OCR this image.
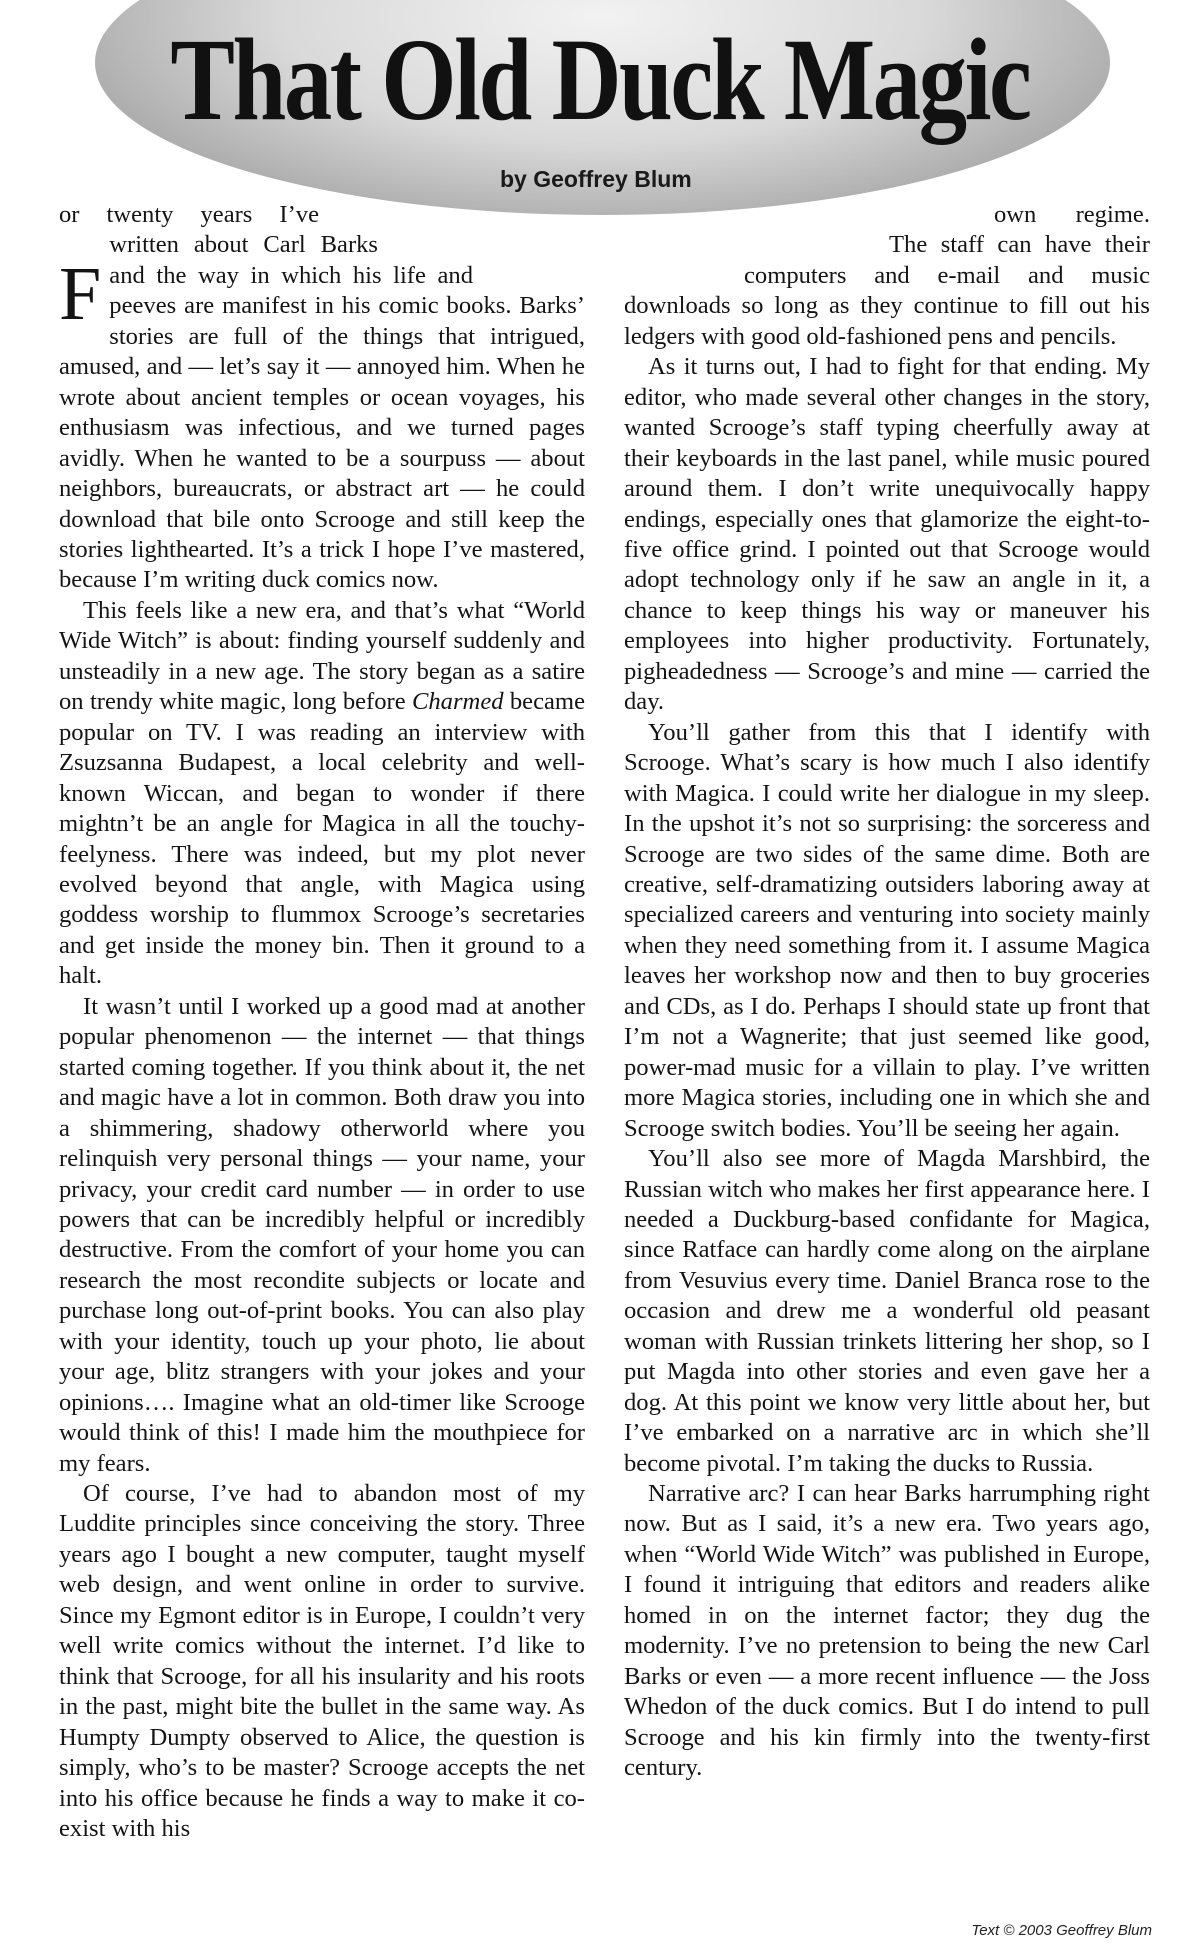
That Old Duck Magic

by Geoffrey Blum

F
or twenty years I’ve written about Carl Barks and the way in which his life and peeves are manifest in his comic books. Barks’ stories are full of the things that intrigued, amused, and — let’s say it — annoyed him. When he wrote about ancient temples or ocean voyages, his enthusiasm was infectious, and we turned pages avidly. When he wanted to be a sourpuss — about neighbors, bureaucrats, or abstract art — he could download that bile onto Scrooge and still keep the stories lighthearted. It’s a trick I hope I’ve mastered, because I’m writing duck comics now.

This feels like a new era, and that’s what “World Wide Witch” is about: finding yourself suddenly and unsteadily in a new age. The story began as a satire on trendy white magic, long before Charmed became popular on TV. I was reading an interview with Zsuzsanna Budapest, a local celebrity and well-known Wiccan, and began to wonder if there mightn’t be an angle for Magica in all the touchy-feelyness. There was indeed, but my plot never evolved beyond that angle, with Magica using goddess worship to flummox Scrooge’s secretaries and get inside the money bin. Then it ground to a halt.

It wasn’t until I worked up a good mad at another popular phenomenon — the internet — that things started coming together. If you think about it, the net and magic have a lot in common. Both draw you into a shimmering, shadowy otherworld where you relinquish very personal things — your name, your privacy, your credit card number — in order to use powers that can be incredibly helpful or incredibly destructive. From the comfort of your home you can research the most recondite subjects or locate and purchase long out-of-print books. You can also play with your identity, touch up your photo, lie about your age, blitz strangers with your jokes and your opinions…. Imagine what an old-timer like Scroogе would think of this! I made him the mouthpiece for my fears.

Of course, I’ve had to abandon most of my Luddite principles since conceiving the story. Three years ago I bought a new computer, taught myself web design, and went online in order to survive. Since my Egmont editor is in Europe, I couldn’t very well write comics without the internet. I’d like to think that Scrooge, for all his insularity and his roots in the past, might bite the bullet in the same way. As Humpty Dumpty observed to Alice, the question is simply, who’s to be master? Scrooge accepts the net into his office because he finds a way to make it co-exist with his

own regime. The staff can have their computers and e-mail and music downloads so long as they continue to fill out his ledgers with good old-fashioned pens and pencils.

As it turns out, I had to fight for that ending. My editor, who made several other changes in the story, wanted Scrooge’s staff typing cheerfully away at their keyboards in the last panel, while music poured around them. I don’t write unequivocally happy endings, especially ones that glamorize the eight-to-five office grind. I pointed out that Scrooge would adopt technology only if he saw an angle in it, a chance to keep things his way or maneuver his employees into higher productivity. Fortunately, pigheadedness — Scrooge’s and mine — carried the day.

You’ll gather from this that I identify with Scrooge. What’s scary is how much I also identify with Magica. I could write her dialogue in my sleep. In the upshot it’s not so surprising: the sorceress and Scrooge are two sides of the same dime. Both are creative, self-dramatizing outsiders laboring away at specialized careers and venturing into society mainly when they need something from it. I assume Magica leaves her workshop now and then to buy groceries and CDs, as I do. Perhaps I should state up front that I’m not a Wagnerite; that just seemed like good, power-mad music for a villain to play. I’ve written more Magica stories, including one in which she and Scrooge switch bodies. You’ll be seeing her again.

You’ll also see more of Magda Marshbird, the Russian witch who makes her first appearance here. I needed a Duckburg-based confidante for Magica, since Ratface can hardly come along on the airplane from Vesuvius every time. Daniel Branca rose to the occasion and drew me a wonderful old peasant woman with Russian trinkets littering her shop, so I put Magda into other stories and even gave her a dog. At this point we know very little about her, but I’ve embarked on a narrative arc in which she’ll become pivotal. I’m taking the ducks to Russia.

Narrative arc? I can hear Barks harrumphing right now. But as I said, it’s a new era. Two years ago, when “World Wide Witch” was published in Europe, I found it intriguing that editors and readers alike homed in on the internet factor; they dug the modernity. I’ve no pretension to being the new Carl Barks or even — a more recent influence — the Joss Whedon of the duck comics. But I do intend to pull Scrooge and his kin firmly into the twenty-first century.

Text © 2003 Geoffrey Blum
